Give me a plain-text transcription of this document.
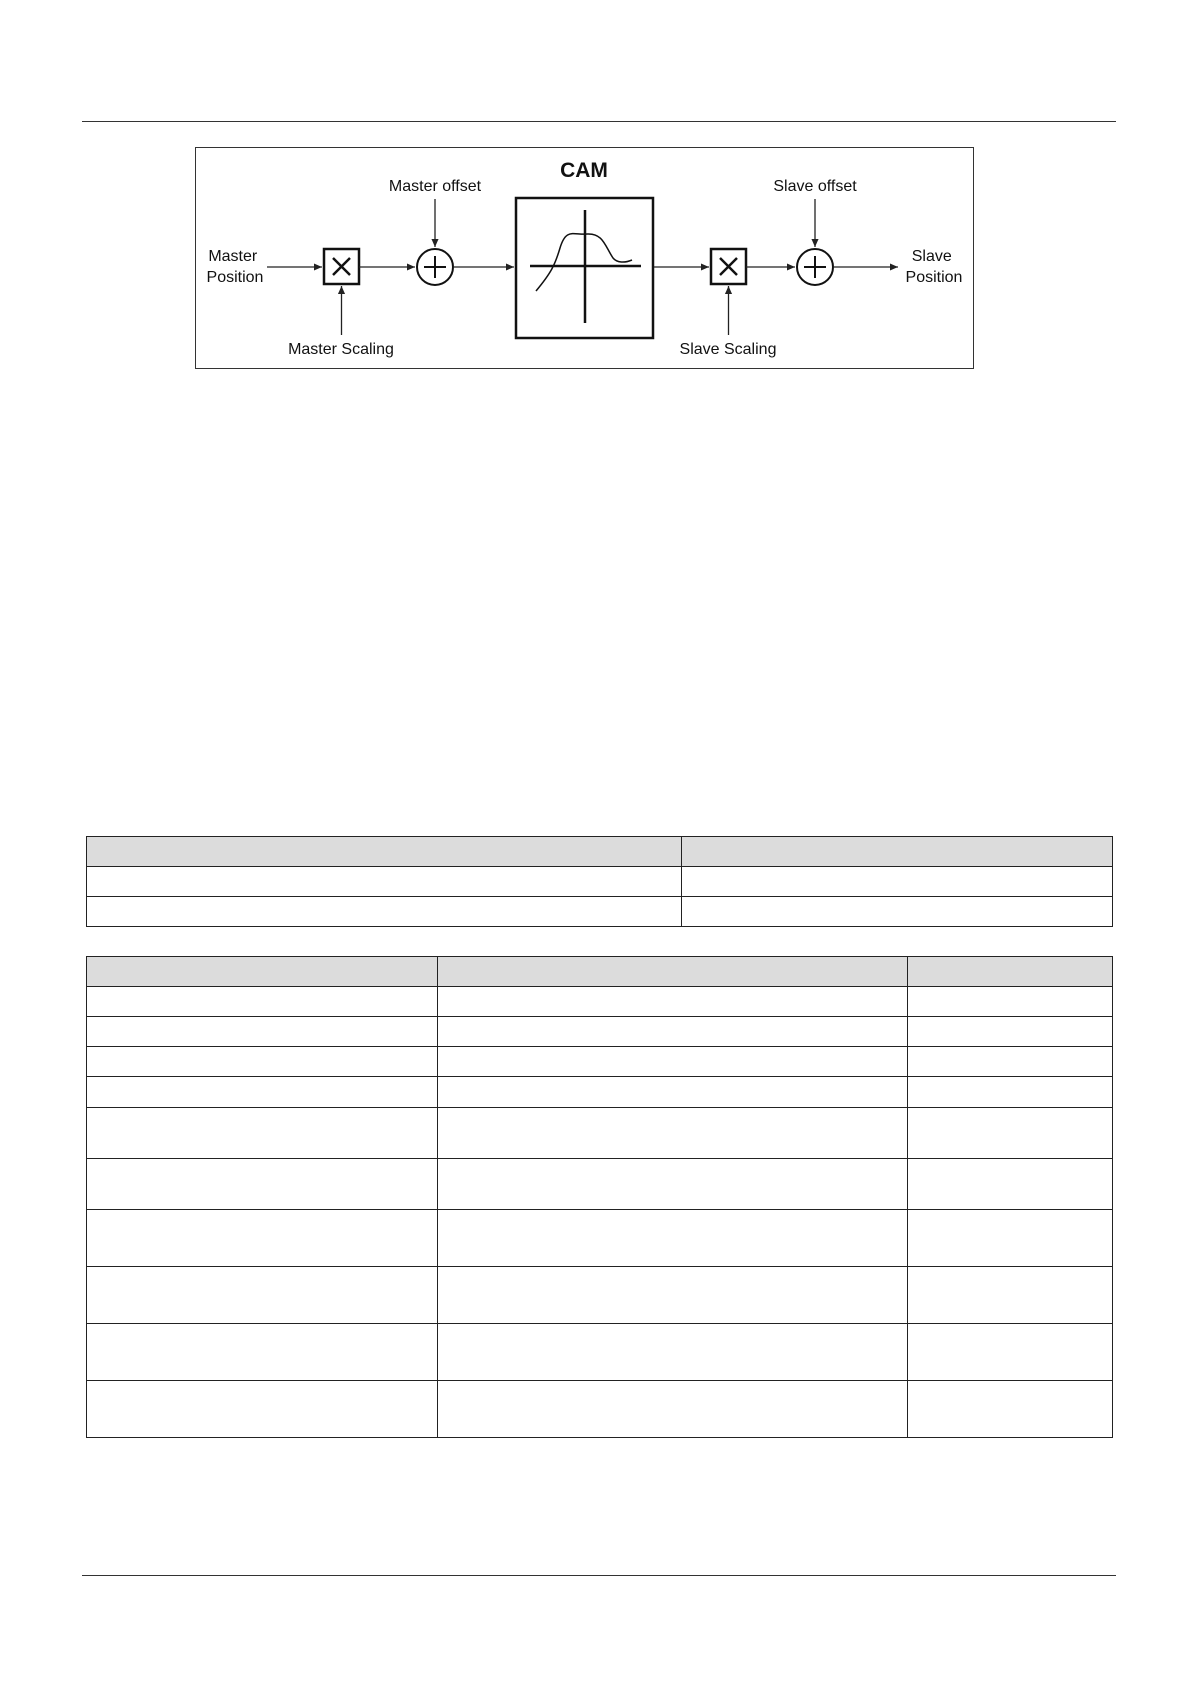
Master Position
Master offset
Master Scaling
CAM
Slave offset
Slave Scaling
Slave Position
